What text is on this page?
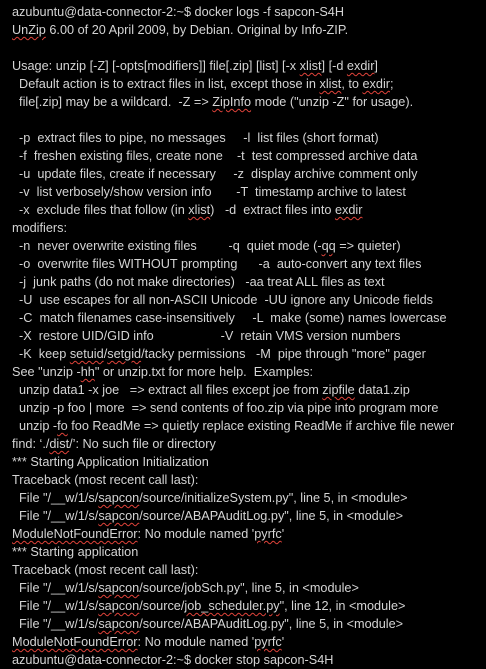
azubuntu@data-connector-2:~$ docker logs -f sapcon-S4H
UnZip 6.00 of 20 April 2009, by Debian. Original by Info-ZIP.
Usage: unzip [-Z] [-opts[modifiers]] file[.zip] [list] [-x xlist] [-d exdir]
Default action is to extract files in list, except those in xlist, to exdir;
file[.zip] may be a wildcard.  -Z => ZipInfo mode ("unzip -Z" for usage).
-p  extract files to pipe, no messages     -l  list files (short format)
-f  freshen existing files, create none    -t  test compressed archive data
-u  update files, create if necessary     -z  display archive comment only
-v  list verbosely/show version info       -T  timestamp archive to latest
-x  exclude files that follow (in xlist)   -d  extract files into exdir
modifiers:
-n  never overwrite existing files         -q  quiet mode (-qq => quieter)
-o  overwrite files WITHOUT prompting      -a  auto-convert any text files
-j  junk paths (do not make directories)   -aa treat ALL files as text
-U  use escapes for all non-ASCII Unicode  -UU ignore any Unicode fields
-C  match filenames case-insensitively     -L  make (some) names lowercase
-X  restore UID/GID info                   -V  retain VMS version numbers
-K  keep setuid/setgid/tacky permissions   -M  pipe through "more" pager
See "unzip -hh" or unzip.txt for more help.  Examples:
unzip data1 -x joe   => extract all files except joe from zipfile data1.zip
unzip -p foo | more  => send contents of foo.zip via pipe into program more
unzip -fo foo ReadMe => quietly replace existing ReadMe if archive file newer
find: ‘./dist/’: No such file or directory
*** Starting Application Initialization
Traceback (most recent call last):
File "/__w/1/s/sapcon/source/initializeSystem.py", line 5, in <module>
File "/__w/1/s/sapcon/source/ABAPAuditLog.py", line 5, in <module>
ModuleNotFoundError: No module named 'pyrfc'
*** Starting application
Traceback (most recent call last):
File "/__w/1/s/sapcon/source/jobSch.py", line 5, in <module>
File "/__w/1/s/sapcon/source/job_scheduler.py", line 12, in <module>
File "/__w/1/s/sapcon/source/ABAPAuditLog.py", line 5, in <module>
ModuleNotFoundError: No module named 'pyrfc'
azubuntu@data-connector-2:~$ docker stop sapcon-S4H
